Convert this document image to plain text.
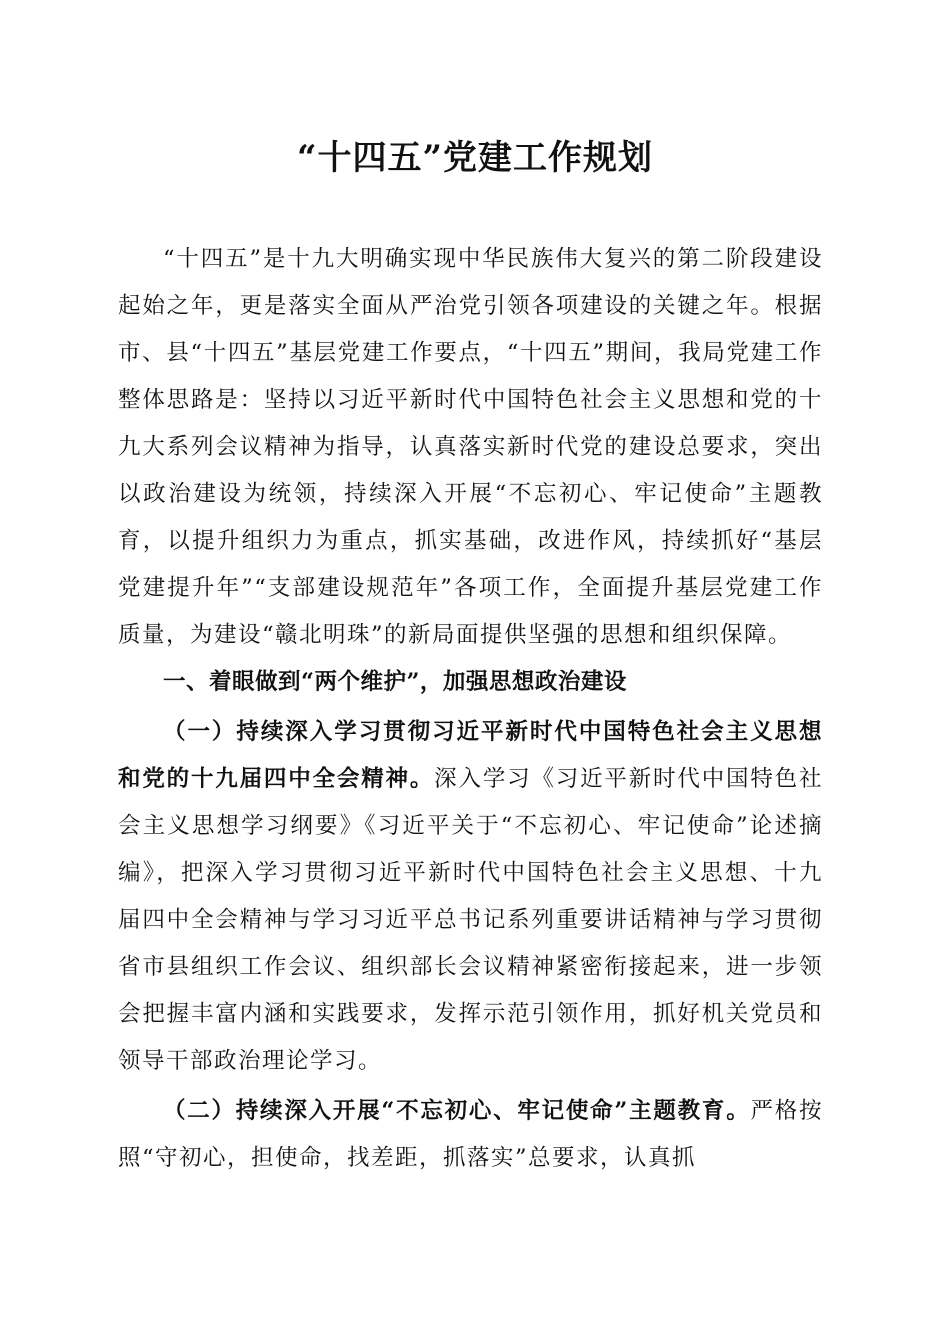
“十四五”党建工作规划

“十四五”是十九大明确实现中华民族伟大复兴的第二阶段建设起始之年，更是落实全面从严治党引领各项建设的关键之年。根据市、县“十四五”基层党建工作要点，“十四五”期间，我局党建工作整体思路是：坚持以习近平新时代中国特色社会主义思想和党的十九大系列会议精神为指导，认真落实新时代党的建设总要求，突出以政治建设为统领，持续深入开展“不忘初心、牢记使命”主题教育，以提升组织力为重点，抓实基础，改进作风，持续抓好“基层党建提升年”“支部建设规范年”各项工作，全面提升基层党建工作质量，为建设“赣北明珠”的新局面提供坚强的思想和组织保障。

一、着眼做到“两个维护”，加强思想政治建设

（一）持续深入学习贯彻习近平新时代中国特色社会主义思想和党的十九届四中全会精神。深入学习《习近平新时代中国特色社会主义思想学习纲要》《习近平关于“不忘初心、牢记使命”论述摘编》，把深入学习贯彻习近平新时代中国特色社会主义思想、十九届四中全会精神与学习习近平总书记系列重要讲话精神与学习贯彻省市县组织工作会议、组织部长会议精神紧密衔接起来，进一步领会把握丰富内涵和实践要求，发挥示范引领作用，抓好机关党员和领导干部政治理论学习。

（二）持续深入开展“不忘初心、牢记使命”主题教育。严格按照“守初心，担使命，找差距，抓落实”总要求，认真抓
